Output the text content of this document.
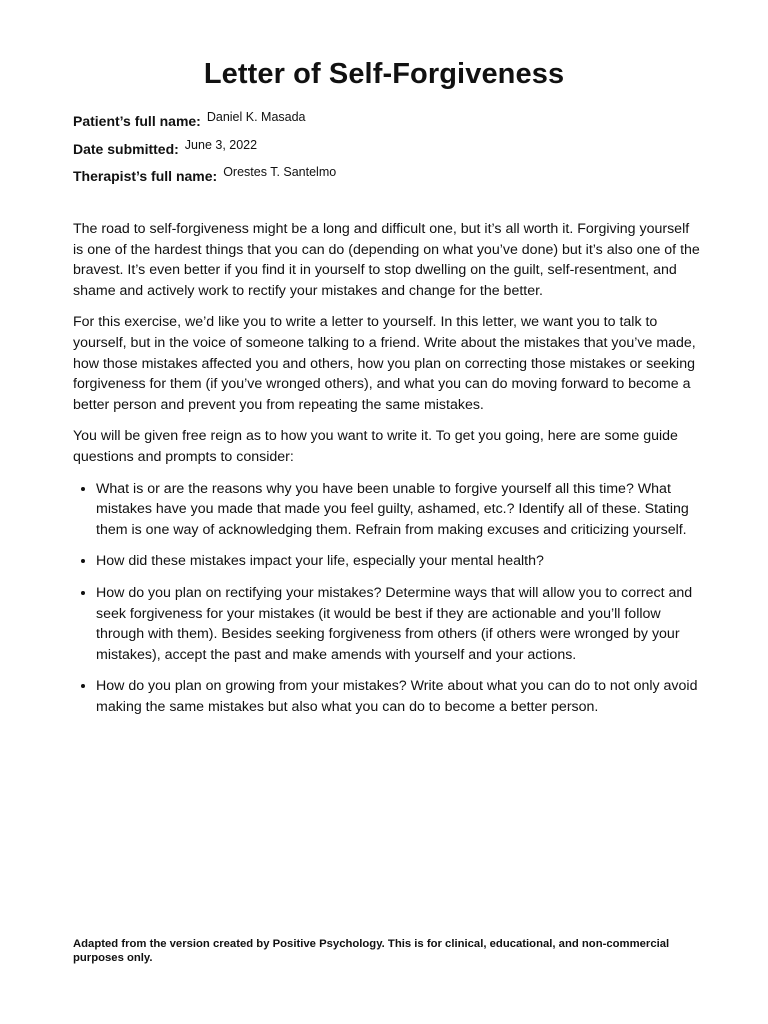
Letter of Self-Forgiveness
Patient’s full name: Daniel K. Masada
Date submitted: June 3, 2022
Therapist’s full name: Orestes T. Santelmo

The road to self-forgiveness might be a long and difficult one, but it’s all worth it. Forgiving yourself is one of the hardest things that you can do (depending on what you’ve done) but it’s also one of the bravest. It’s even better if you find it in yourself to stop dwelling on the guilt, self-resentment, and shame and actively work to rectify your mistakes and change for the better.

For this exercise, we’d like you to write a letter to yourself. In this letter, we want you to talk to yourself, but in the voice of someone talking to a friend. Write about the mistakes that you’ve made, how those mistakes affected you and others, how you plan on correcting those mistakes or seeking forgiveness for them (if you’ve wronged others), and what you can do moving forward to become a better person and prevent you from repeating the same mistakes.

You will be given free reign as to how you want to write it. To get you going, here are some guide questions and prompts to consider:

• What is or are the reasons why you have been unable to forgive yourself all this time? What mistakes have you made that made you feel guilty, ashamed, etc.? Identify all of these. Stating them is one way of acknowledging them. Refrain from making excuses and criticizing yourself.
• How did these mistakes impact your life, especially your mental health?
• How do you plan on rectifying your mistakes? Determine ways that will allow you to correct and seek forgiveness for your mistakes (it would be best if they are actionable and you’ll follow through with them). Besides seeking forgiveness from others (if others were wronged by your mistakes), accept the past and make amends with yourself and your actions.
• How do you plan on growing from your mistakes? Write about what you can do to not only avoid making the same mistakes but also what you can do to become a better person.
Adapted from the version created by Positive Psychology. This is for clinical, educational, and non-commercial purposes only.
